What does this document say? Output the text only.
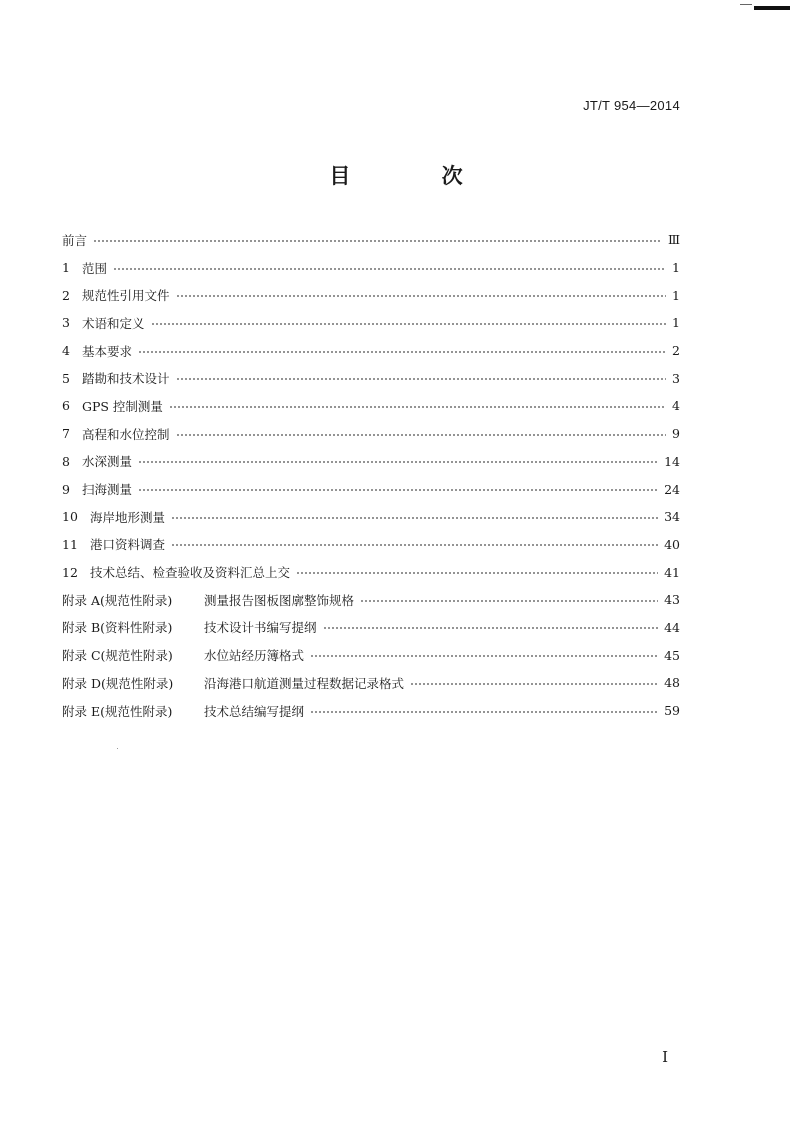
JT/T 954—2014
目 次
前言	Ⅲ
1 范围	1
2 规范性引用文件	1
3 术语和定义	1
4 基本要求	2
5 踏勘和技术设计	3
6 GPS 控制测量	4
7 高程和水位控制	9
8 水深测量	14
9 扫海测量	24
10 海岸地形测量	34
11 港口资料调查	40
12 技术总结、检查验收及资料汇总上交	41
附录 A(规范性附录)	测量报告图板图廓整饰规格	43
附录 B(资料性附录)	技术设计书编写提纲	44
附录 C(规范性附录)	水位站经历簿格式	45
附录 D(规范性附录)	沿海港口航道测量过程数据记录格式	48
附录 E(规范性附录)	技术总结编写提纲	59
I
